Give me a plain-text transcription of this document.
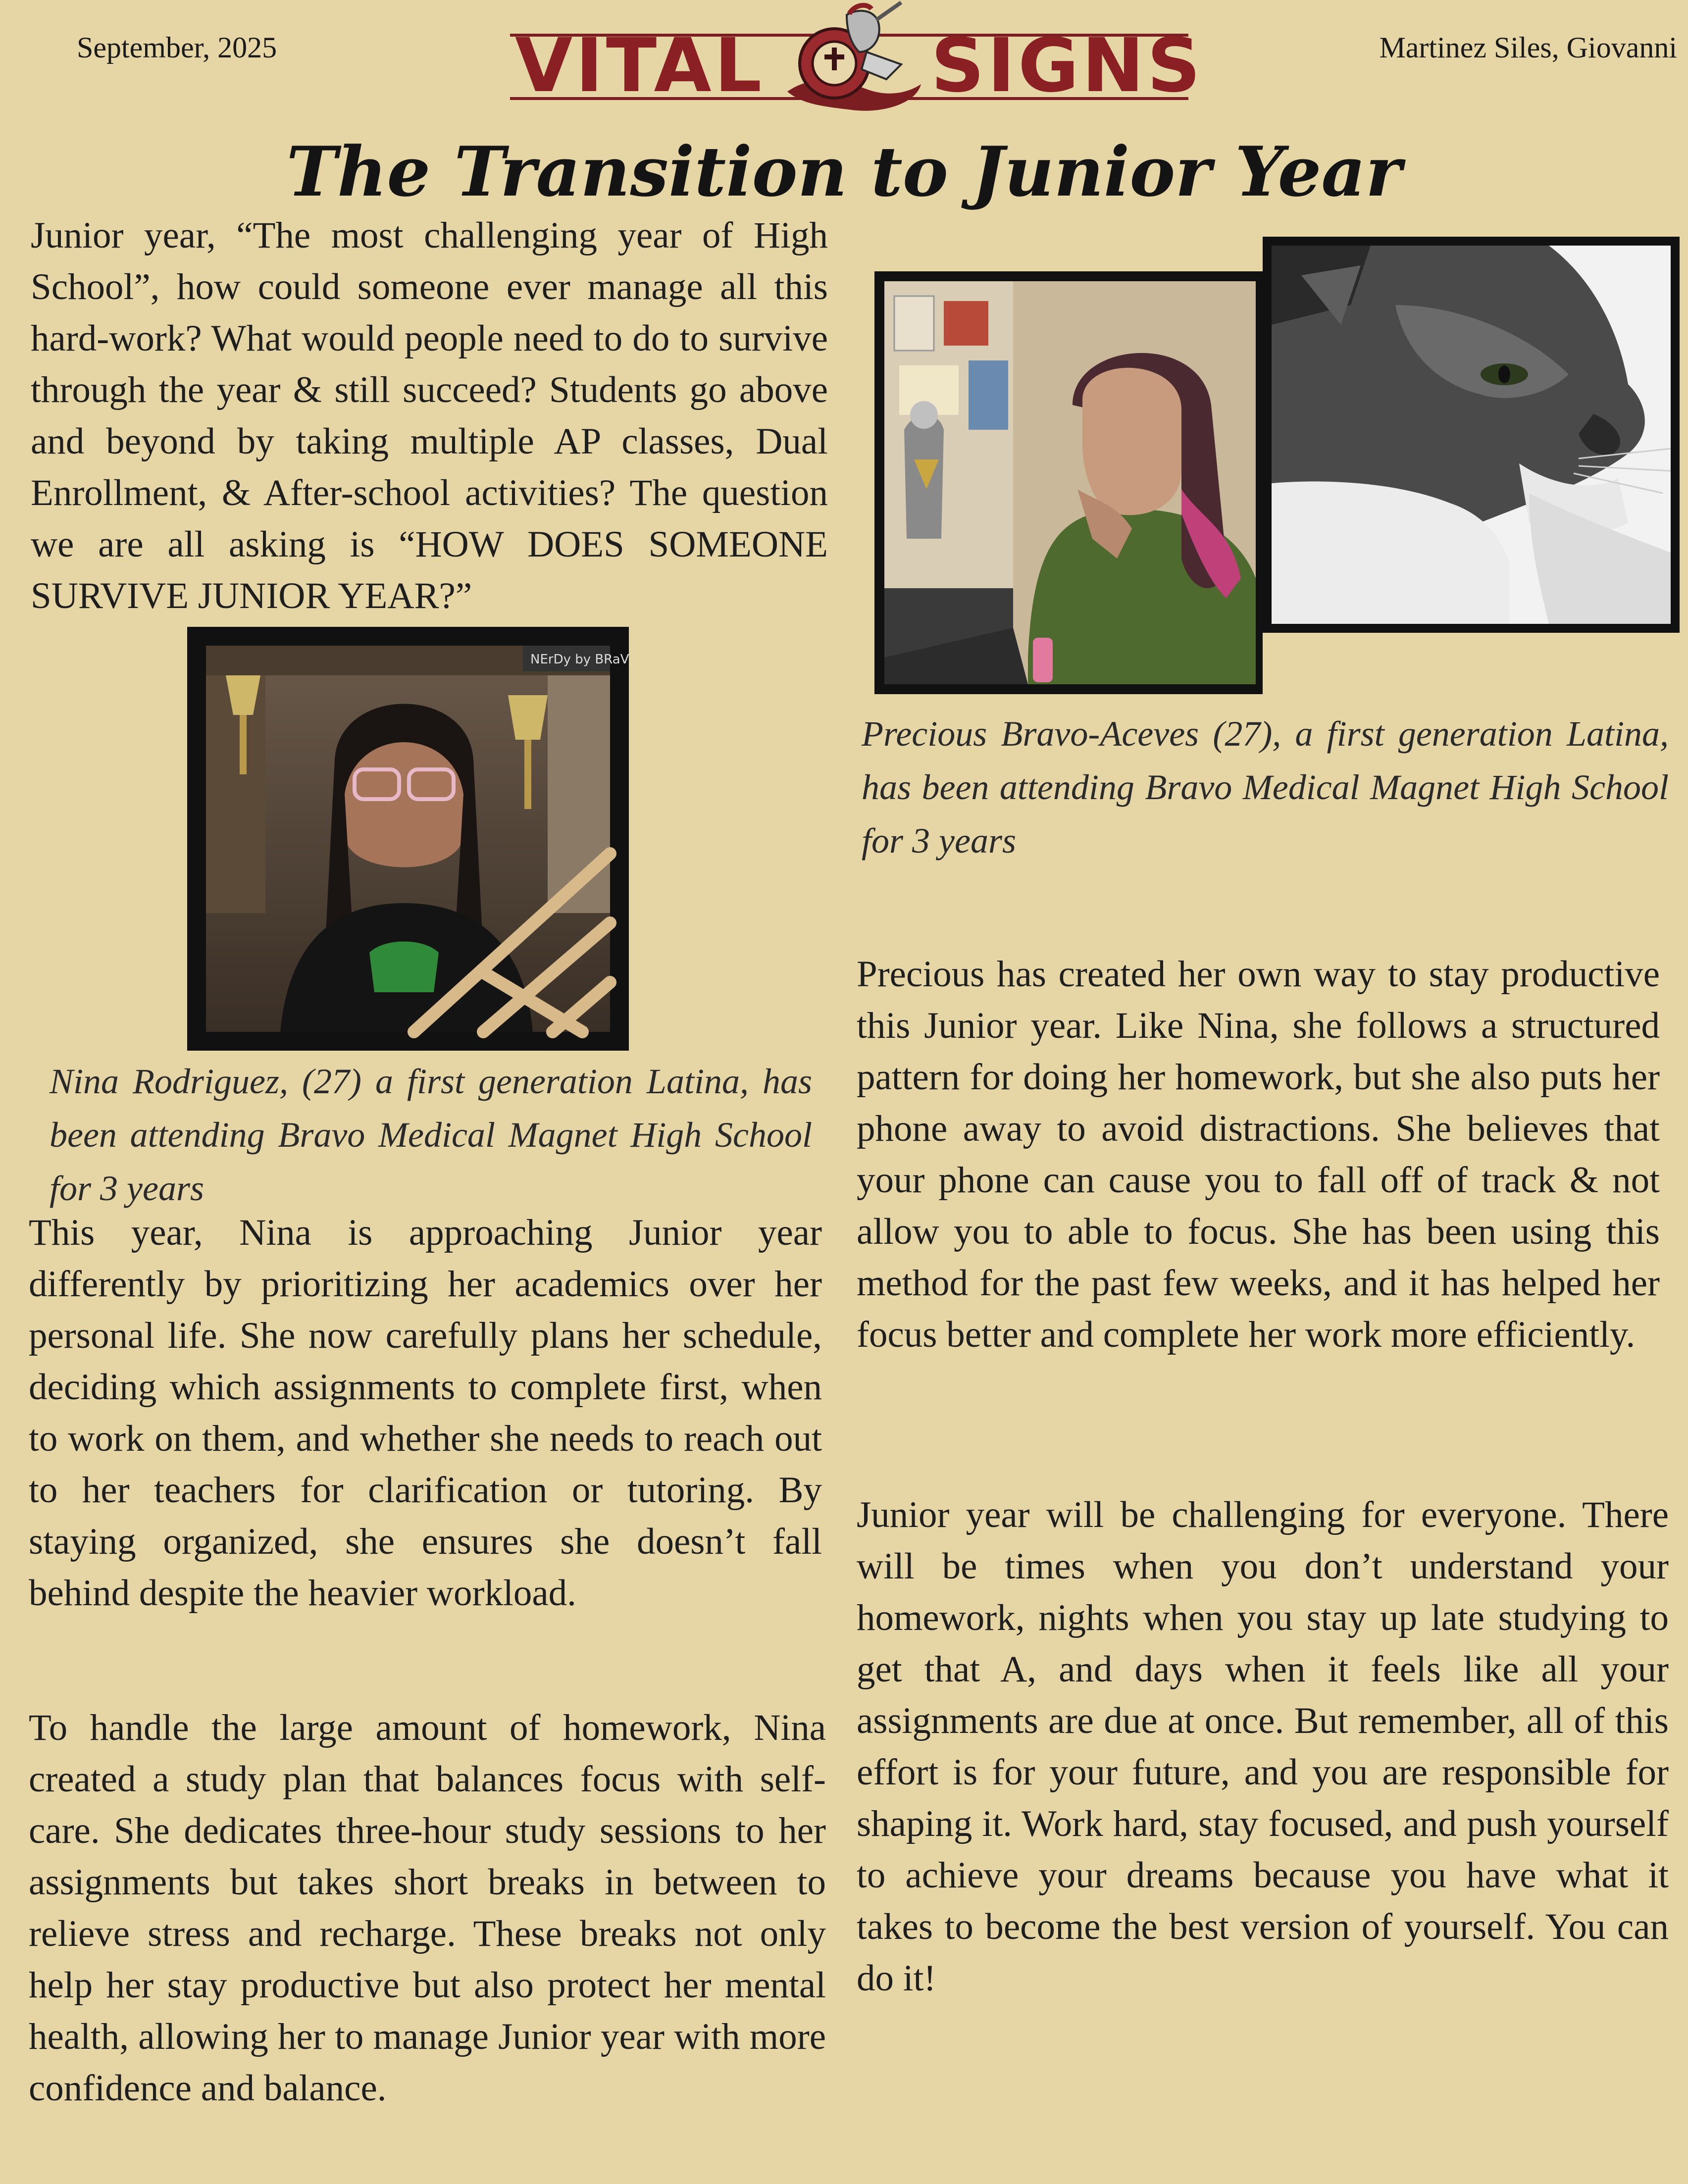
September, 2025	Martinez Siles, Giovanni
VITAL SIGNS
The Transition to Junior Year
Junior year, “The most challenging year of High School”, how could someone ever manage all this hard-work? What would people need to do to survive through the year & still succeed? Students go above and beyond by taking multiple AP classes, Dual Enrollment, & After-school activities? The question we are all asking is “HOW DOES SOMEONE SURVIVE JUNIOR YEAR?”
NErDy by BRaV
Nina Rodriguez, (27) a first generation Latina, has been attending Bravo Medical Magnet High School for 3 years
This year, Nina is approaching Junior year differently by prioritizing her academics over her personal life. She now carefully plans her schedule, deciding which assignments to complete first, when to work on them, and whether she needs to reach out to her teachers for clarification or tutoring. By staying organized, she ensures she doesn’t fall behind despite the heavier workload.
To handle the large amount of homework, Nina created a study plan that balances focus with self-care. She dedicates three-hour study sessions to her assignments but takes short breaks in between to relieve stress and recharge. These breaks not only help her stay productive but also protect her mental health, allowing her to manage Junior year with more confidence and balance.
Precious Bravo-Aceves (27), a first generation Latina, has been attending Bravo Medical Magnet High School for 3 years
Precious has created her own way to stay productive this Junior year. Like Nina, she follows a structured pattern for doing her homework, but she also puts her phone away to avoid distractions. She believes that your phone can cause you to fall off of track & not allow you to able to focus. She has been using this method for the past few weeks, and it has helped her focus better and complete her work more efficiently.
Junior year will be challenging for everyone. There will be times when you don’t understand your homework, nights when you stay up late studying to get that A, and days when it feels like all your assignments are due at once. But remember, all of this effort is for your future, and you are responsible for shaping it. Work hard, stay focused, and push yourself to achieve your dreams because you have what it takes to become the best version of yourself. You can do it!
